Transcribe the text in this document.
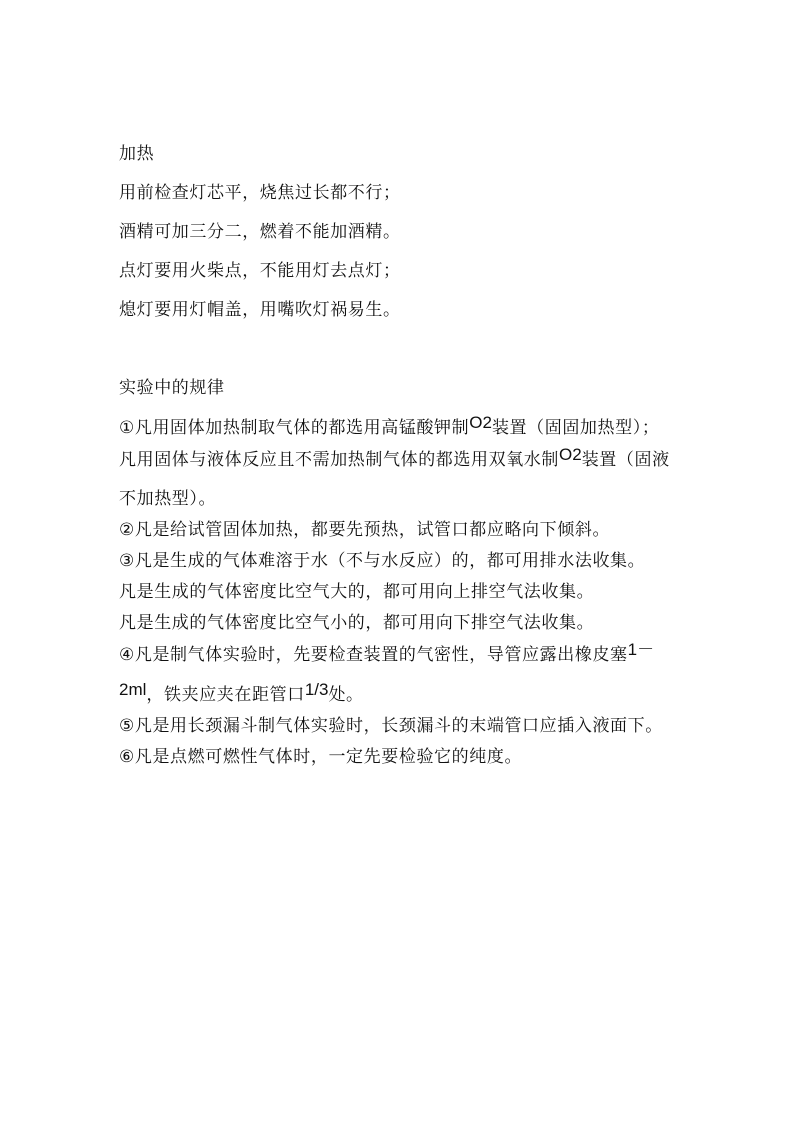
加热
用前检查灯芯平，烧焦过长都不行；
酒精可加三分二，燃着不能加酒精。
点灯要用火柴点，不能用灯去点灯；
熄灯要用灯帽盖，用嘴吹灯祸易生。
实验中的规律
①凡用固体加热制取气体的都选用高锰酸钾制O2装置（固固加热型）；
凡用固体与液体反应且不需加热制气体的都选用双氧水制O2装置（固液不加热型）。
②凡是给试管固体加热，都要先预热，试管口都应略向下倾斜。
③凡是生成的气体难溶于水（不与水反应）的，都可用排水法收集。
凡是生成的气体密度比空气大的，都可用向上排空气法收集。
凡是生成的气体密度比空气小的，都可用向下排空气法收集。
④凡是制气体实验时，先要检查装置的气密性，导管应露出橡皮塞1－2ml，铁夹应夹在距管口1/3处。
⑤凡是用长颈漏斗制气体实验时，长颈漏斗的末端管口应插入液面下。
⑥凡是点燃可燃性气体时，一定先要检验它的纯度。
